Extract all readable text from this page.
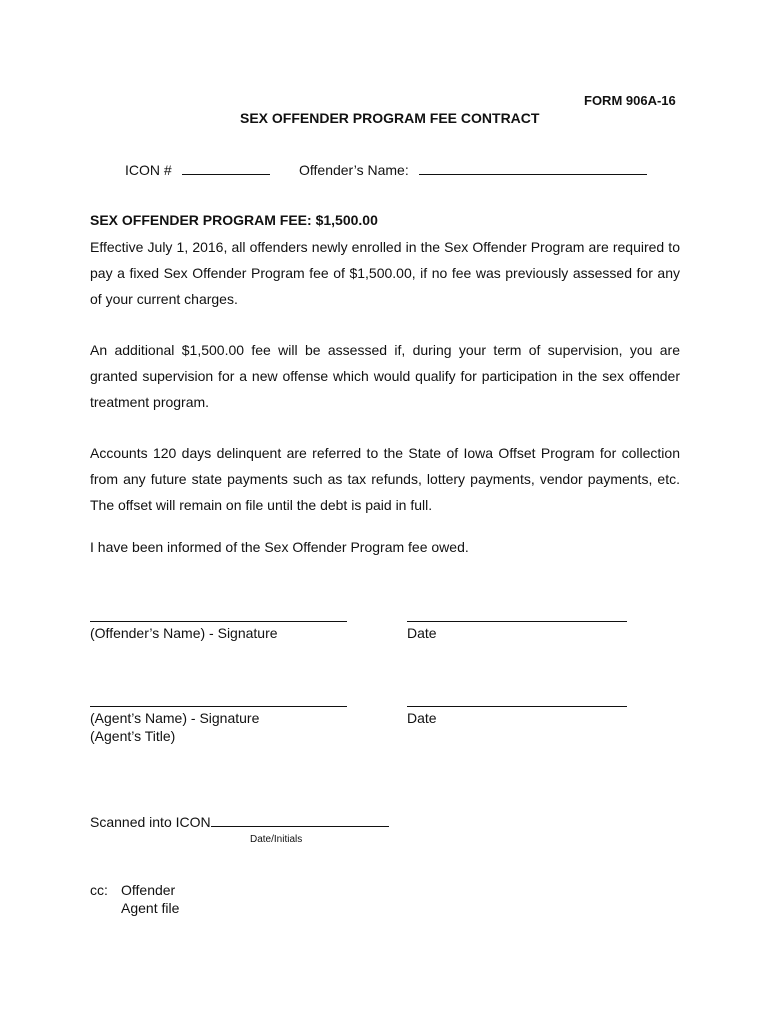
FORM 906A-16
SEX OFFENDER PROGRAM FEE CONTRACT
ICON #	Offender’s Name:
SEX OFFENDER PROGRAM FEE: $1,500.00

Effective July 1, 2016, all offenders newly enrolled in the Sex Offender Program are required to pay a fixed Sex Offender Program fee of $1,500.00, if no fee was previously assessed for any of your current charges.

An additional $1,500.00 fee will be assessed if, during your term of supervision, you are granted supervision for a new offense which would qualify for participation in the sex offender treatment program.

Accounts 120 days delinquent are referred to the State of Iowa Offset Program for collection from any future state payments such as tax refunds, lottery payments, vendor payments, etc. The offset will remain on file until the debt is paid in full.

I have been informed of the Sex Offender Program fee owed.

(Offender’s Name) - Signature	Date
(Agent’s Name) - Signature
(Agent’s Title)
Date
Scanned into ICON
Date/Initials
cc: Offender
Agent file
